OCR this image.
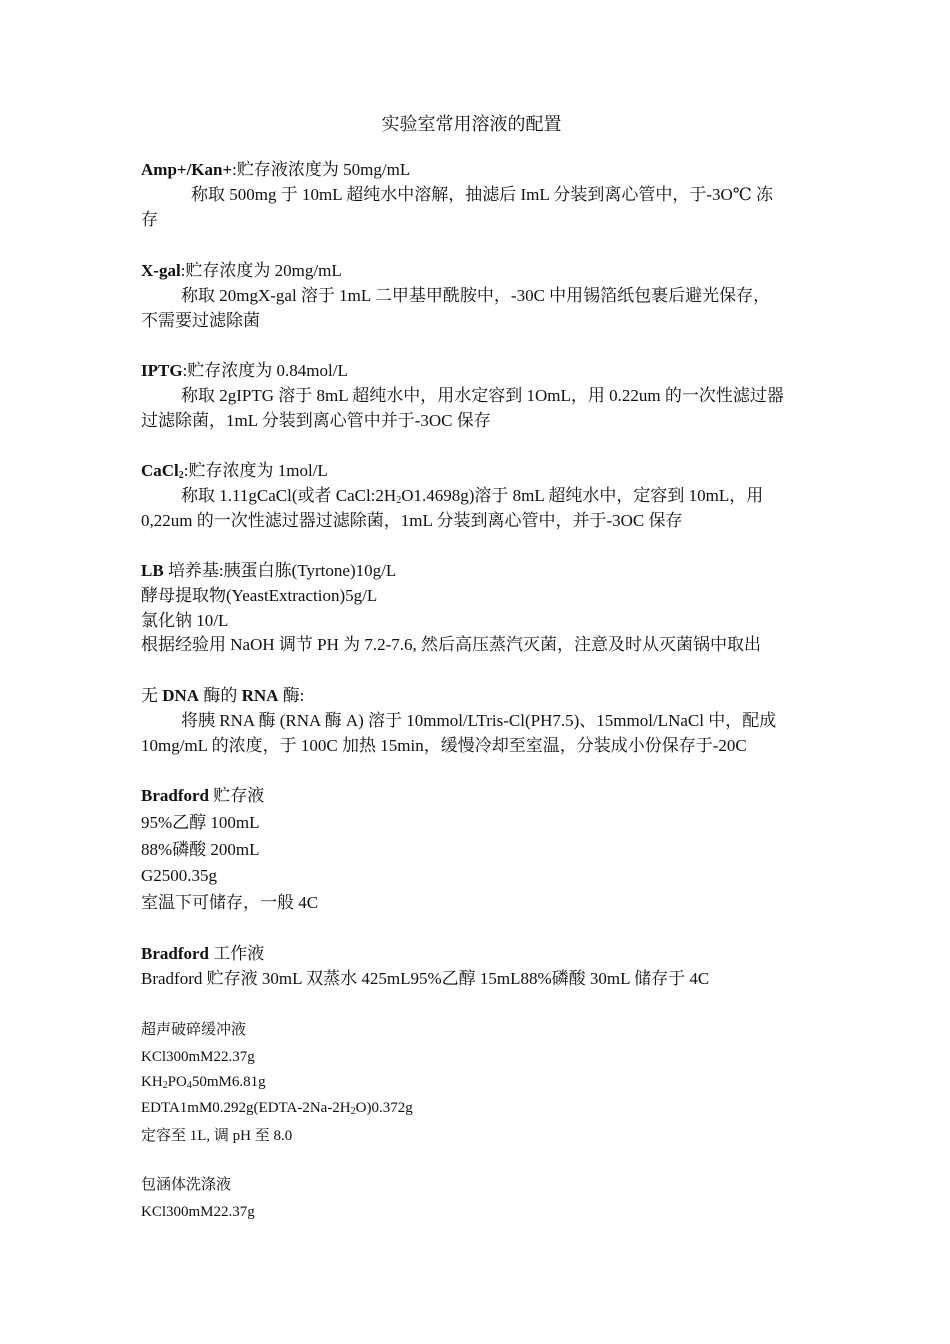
实验室常用溶液的配置
Amp+/Kan+:贮存液浓度为 50mg/mL
称取 500mg 于 10mL 超纯水中溶解，抽滤后 ImL 分装到离心管中，于-3O℃ 冻
存
X-gal:贮存浓度为 20mg/mL
称取 20mgX-gal 溶于 1mL 二甲基甲酰胺中，-30C 中用锡箔纸包裹后避光保存，
不需要过滤除菌
IPTG:贮存浓度为 0.84mol/L
称取 2gIPTG 溶于 8mL 超纯水中，用水定容到 1OmL，用 0.22um 的一次性滤过器
过滤除菌，1mL 分装到离心管中并于-3OC 保存
CaCl$_2$:贮存浓度为 1mol/L
称取 1.11gCaCl(或者 $CaCl:2H_2O1.4698g$)溶于 8mL 超纯水中，定容到 10mL，用
0,22um 的一次性滤过器过滤除菌，1mL 分装到离心管中，并于-3OC 保存
LB 培养基:胰蛋白胨(Tyrtone)10g/L
酵母提取物(YeastExtraction)5g/L
氯化钠 10/L
根据经验用 NaOH 调节 PH 为 7.2-7.6, 然后高压蒸汽灭菌，注意及时从灭菌锅中取出
无 DNA 酶的 RNA 酶:
将胰 RNA 酶 (RNA 酶 A) 溶于 10mmol/LTris-Cl(PH7.5)、15mmol/LNaCl 中，配成
10mg/mL 的浓度，于 100C 加热 15min，缓慢冷却至室温，分装成小份保存于-20C
Bradford 贮存液
95%乙醇 100mL
88%磷酸 200mL
G2500.35g
室温下可储存，一般 4C
Bradford 工作液
Bradford 贮存液 30mL 双蒸水 425mL95%乙醇 15mL88%磷酸 30mL 储存于 4C
超声破碎缓冲液
KCl300mM22.37g
$KH_2PO_450mM6.81g$
$EDTA1mM0.292g(EDTA-2Na-2H_2O)0.372g$
定容至 1L, 调 pH 至 8.0
包涵体洗涤液
KCl300mM22.37g
